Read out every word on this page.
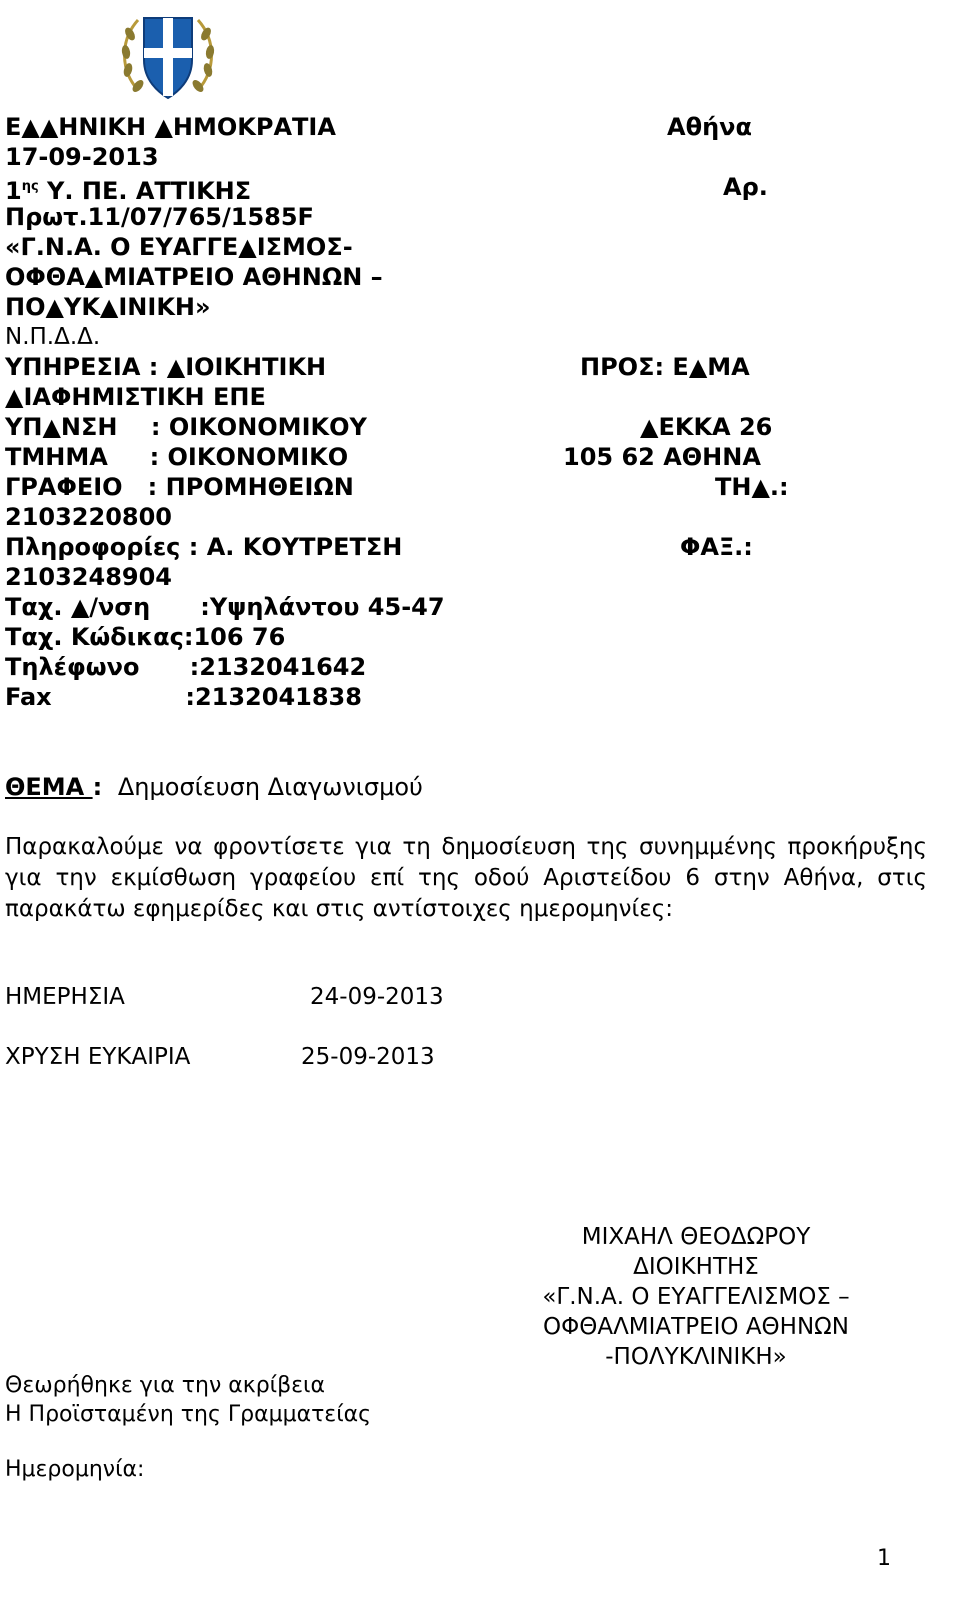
Ε▲▲ΗΝΙΚΗ ▲ΗΜΟΚΡΑΤΙΑ
17-09-2013
$1^{\eta\varsigma}$ Υ. ΠΕ. ΑΤΤΙΚΗΣ
Πρωτ.11/07/765/1585F
«Γ.Ν.Α. Ο ΕΥΑΓΓΕ▲ΙΣΜΟΣ-
ΟΦΘΑ▲ΜΙΑΤΡΕΙΟ ΑΘΗΝΩΝ –
ΠΟ▲ΥΚ▲ΙΝΙΚΗ»
Ν.Π.Δ.Δ.
ΥΠΗΡΕΣΙΑ : ▲ΙΟΙΚΗΤΙΚΗ
▲ΙΑΦΗΜΙΣΤΙΚΗ ΕΠΕ
ΥΠ▲ΝΣΗ    : ΟΙΚΟΝΟΜΙΚΟΥ
ΤΜΗΜΑ     : ΟΙΚΟΝΟΜΙΚΟ
ΓΡΑΦΕΙΟ   : ΠΡΟΜΗΘΕΙΩΝ
2103220800
Πληροφορίες : Α. ΚΟΥΤΡΕΤΣΗ
2103248904
Ταχ. ▲/νση      :Υψηλάντου 45-47
Ταχ. Κώδικας:106 76
Τηλέφωνο      :2132041642
Fax                :2132041838
Αθήνα
Αρ.
ΠΡΟΣ: Ε▲ΜΑ
▲ΕΚΚΑ 26
105 62 ΑΘΗΝΑ
ΤΗ▲.:
ΦΑΞ.:
ΘΕΜΑ : Δημοσίευση Διαγωνισμού
Παρακαλούμε να φροντίσετε για τη δημοσίευση της συνημμένης προκήρυξης για την εκμίσθωση γραφείου επί της οδού Αριστείδου 6 στην Αθήνα, στις παρακάτω εφημερίδες και στις αντίστοιχες ημερομηνίες:
ΗΜΕΡΗΣΙΑ	24-09-2013
ΧΡΥΣΗ ΕΥΚΑΙΡΙΑ	25-09-2013
ΜΙΧΑΗΛ ΘΕΟΔΩΡΟΥ
ΔΙΟΙΚΗΤΗΣ
«Γ.Ν.Α. Ο ΕΥΑΓΓΕΛΙΣΜΟΣ –
ΟΦΘΑΛΜΙΑΤΡΕΙΟ ΑΘΗΝΩΝ
-ΠΟΛΥΚΛΙΝΙΚΗ»
Θεωρήθηκε για την ακρίβεια
Η Προϊσταμένη της Γραμματείας
Ημερομηνία:
1
